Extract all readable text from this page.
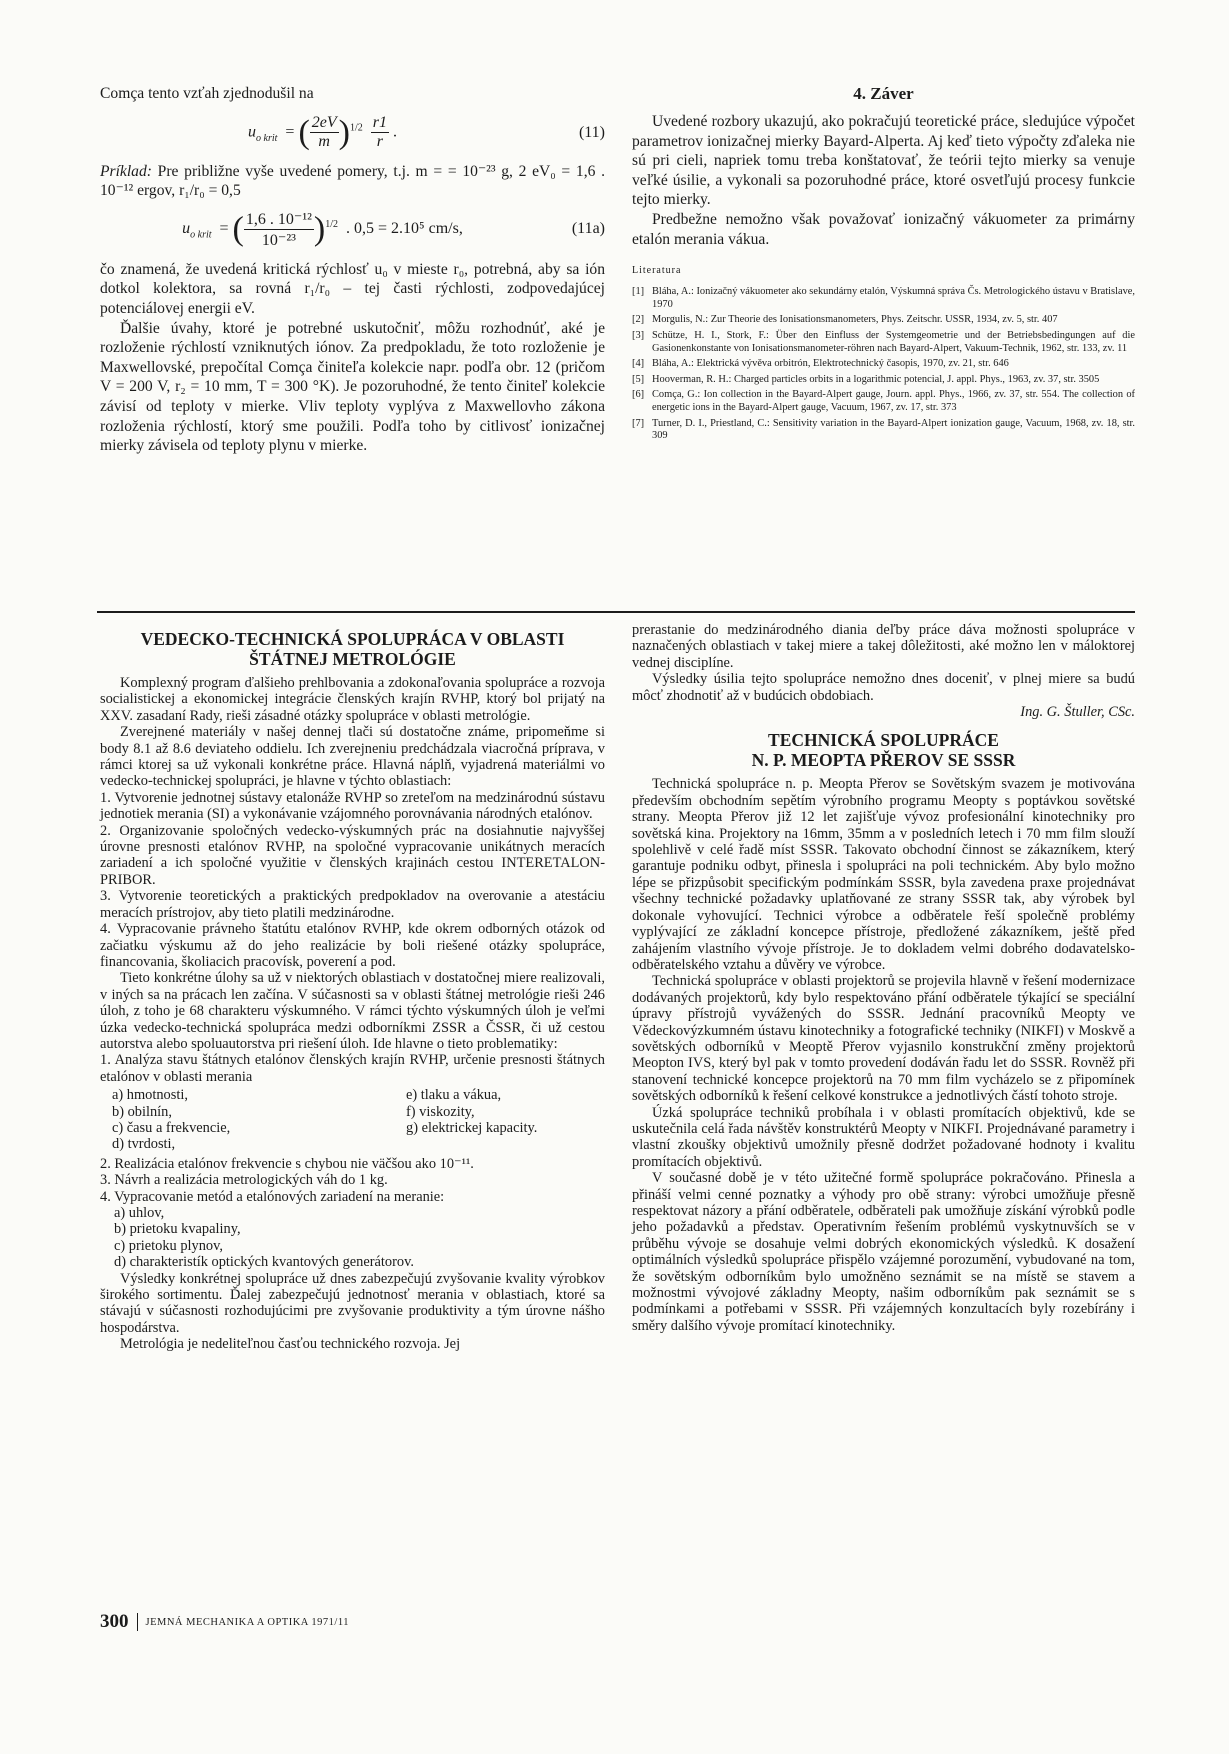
Comça tento vzťah zjednodušil na

$u_{o krit}$  = ( $\frac{2eV}{m} )^{1/2} \frac{r1}{r}$ .	(11)

Príklad: Pre približne vyše uvedené pomery, t.j. m = = 10⁻²³ g, 2 eV₀ = 1,6 . 10⁻¹² ergov, r₁/r₀ = 0,5

$u_{o krit}$  = ( $\frac{\text{1,6 . 10⁻¹²}}{\text{10⁻²³}} )^{1/2}$ . 0,5 = 2.10⁵ cm/s,	(11a)

čo znamená, že uvedená kritická rýchlosť u₀ v mieste r₀, potrebná, aby sa ión dotkol kolektora, sa rovná r₁/r₀ – tej časti rýchlosti, zodpovedajúcej potenciálovej energii eV.

Ďalšie úvahy, ktoré je potrebné uskutočniť, môžu rozhodnúť, aké je rozloženie rýchlostí vzniknutých iónov. Za predpokladu, že toto rozloženie je Maxwellovské, prepočítal Comça činiteľa kolekcie napr. podľa obr. 12 (pričom V = 200 V, r₂ = 10 mm, T = 300 °K). Je pozoruhodné, že tento činiteľ kolekcie závisí od teploty v mierke. Vliv teploty vyplýva z Maxwellovho zákona rozloženia rýchlostí, ktorý sme použili. Podľa toho by citlivosť ionizačnej mierky závisela od teploty plynu v mierke.

4. Záver

Uvedené rozbory ukazujú, ako pokračujú teoretické práce, sledujúce výpočet parametrov ionizačnej mierky Bayard-Alperta. Aj keď tieto výpočty zďaleka nie sú pri cieli, napriek tomu treba konštatovať, že teórii tejto mierky sa venuje veľké úsilie, a vykonali sa pozoruhodné práce, ktoré osvetľujú procesy funkcie tejto mierky.

Predbežne nemožno však považovať ionizačný vákuometer za primárny etalón merania vákua.

Literatura
[1] Bláha, A.: Ionizačný vákuometer ako sekundárny etalón, Výskumná správa Čs. Metrologického ústavu v Bratislave, 1970
[2] Morgulis, N.: Zur Theorie des Ionisationsmanometers, Phys. Zeitschr. USSR, 1934, zv. 5, str. 407
[3] Schütze, H. I., Stork, F.: Über den Einfluss der Systemgeometrie und der Betriebsbedingungen auf die Gasionenkonstante von Ionisationsmanometer-röhren nach Bayard-Alpert, Vakuum-Technik, 1962, str. 133, zv. 11
[4] Bláha, A.: Elektrická vývěva orbitrón, Elektrotechnický časopis, 1970, zv. 21, str. 646
[5] Hooverman, R. H.: Charged particles orbits in a logarithmic potencial, J. appl. Phys., 1963, zv. 37, str. 3505
[6] Comça, G.: Ion collection in the Bayard-Alpert gauge, Journ. appl. Phys., 1966, zv. 37, str. 554. The collection of energetic ions in the Bayard-Alpert gauge, Vacuum, 1967, zv. 17, str. 373
[7] Turner, D. I., Priestland, C.: Sensitivity variation in the Bayard-Alpert ionization gauge, Vacuum, 1968, zv. 18, str. 309
VEDECKO-TECHNICKÁ SPOLUPRÁCA V OBLASTI
ŠTÁTNEJ METROLÓGIE

Komplexný program ďalšieho prehlbovania a zdokonaľovania spolupráce a rozvoja socialistickej a ekonomickej integrácie členských krajín RVHP, ktorý bol prijatý na XXV. zasadaní Rady, rieši zásadné otázky spolupráce v oblasti metrológie.

Zverejnené materiály v našej dennej tlači sú dostatočne známe, pripomeňme si body 8.1 až 8.6 deviateho oddielu. Ich zverejneniu predchádzala viacročná príprava, v rámci ktorej sa už vykonali konkrétne práce. Hlavná náplň, vyjadrená materiálmi vo vedecko-technickej spolupráci, je hlavne v týchto oblastiach:

1. Vytvorenie jednotnej sústavy etalonáže RVHP so zreteľom na medzinárodnú sústavu jednotiek merania (SI) a vykonávanie vzájomného porovnávania národných etalónov.

2. Organizovanie spoločných vedecko-výskumných prác na dosiahnutie najvyššej úrovne presnosti etalónov RVHP, na spoločné vypracovanie unikátnych meracích zariadení a ich spoločné využitie v členských krajinách cestou INTERETALON-PRIBOR.

3. Vytvorenie teoretických a praktických predpokladov na overovanie a atestáciu meracích prístrojov, aby tieto platili medzinárodne.

4. Vypracovanie právneho štatútu etalónov RVHP, kde okrem odborných otázok od začiatku výskumu až do jeho realizácie by boli riešené otázky spolupráce, financovania, školiacich pracovísk, poverení a pod.

Tieto konkrétne úlohy sa už v niektorých oblastiach v dostatočnej miere realizovali, v iných sa na prácach len začína. V súčasnosti sa v oblasti štátnej metrológie rieši 246 úloh, z toho je 68 charakteru výskumného. V rámci týchto výskumných úloh je veľmi úzka vedecko-technická spolupráca medzi odborníkmi ZSSR a ČSSR, či už cestou autorstva alebo spoluautorstva pri riešení úloh. Ide hlavne o tieto problematiky:

1. Analýza stavu štátnych etalónov členských krajín RVHP, určenie presnosti štátnych etalónov v oblasti merania

a) hmotnosti,	e) tlaku a vákua,
b) obilnín,	f) viskozity,
c) času a frekvencie,	g) elektrickej kapacity.
d) tvrdosti,

2. Realizácia etalónov frekvencie s chybou nie väčšou ako 10⁻¹¹.

3. Návrh a realizácia metrologických váh do 1 kg.

4. Vypracovanie metód a etalónových zariadení na meranie:

a) uhlov,
b) prietoku kvapaliny,
c) prietoku plynov,
d) charakteristík optických kvantových generátorov.

Výsledky konkrétnej spolupráce už dnes zabezpečujú zvyšovanie kvality výrobkov širokého sortimentu. Ďalej zabezpečujú jednotnosť merania v oblastiach, ktoré sa stávajú v súčasnosti rozhodujúcimi pre zvyšovanie produktivity a tým úrovne nášho hospodárstva.

Metrológia je nedeliteľnou časťou technického rozvoja. Jej

prerastanie do medzinárodného diania deľby práce dáva možnosti spolupráce v naznačených oblastiach v takej miere a takej dôležitosti, aké možno len v máloktorej vednej disciplíne.

Výsledky úsilia tejto spolupráce nemožno dnes doceniť, v plnej miere sa budú môcť zhodnotiť až v budúcich obdobiach.

Ing. G. Štuller, CSc.

TECHNICKÁ SPOLUPRÁCE
N. P. MEOPTA PŘEROV SE SSSR

Technická spolupráce n. p. Meopta Přerov se Sovětským svazem je motivována především obchodním sepětím výrobního programu Meopty s poptávkou sovětské strany. Meopta Přerov již 12 let zajišťuje vývoz profesionální kinotechniky pro sovětská kina. Projektory na 16mm, 35mm a v posledních letech i 70 mm film slouží spolehlivě v celé řadě míst SSSR. Takovato obchodní činnost se zákazníkem, který garantuje podniku odbyt, přinesla i spolupráci na poli technickém. Aby bylo možno lépe se přizpůsobit specifickým podmínkám SSSR, byla zavedena praxe projednávat všechny technické požadavky uplatňované ze strany SSSR tak, aby výrobek byl dokonale vyhovující. Technici výrobce a odběratele řeší společně problémy vyplývající ze základní koncepce přístroje, předložené zákazníkem, ještě před zahájením vlastního vývoje přístroje. Je to dokladem velmi dobrého dodavatelsko-odběratelského vztahu a důvěry ve výrobce.

Technická spolupráce v oblasti projektorů se projevila hlavně v řešení modernizace dodávaných projektorů, kdy bylo respektováno přání odběratele týkající se speciální úpravy přístrojů vyvážených do SSSR. Jednání pracovníků Meopty ve Vědeckovýzkumném ústavu kinotechniky a fotografické techniky (NIKFI) v Moskvě a sovětských odborníků v Meoptě Přerov vyjasnilo konstrukční změny projektorů Meopton IVS, který byl pak v tomto provedení dodáván řadu let do SSSR. Rovněž při stanovení technické koncepce projektorů na 70 mm film vycházelo se z připomínek sovětských odborníků k řešení celkové konstrukce a jednotlivých částí tohoto stroje.

Úzká spolupráce techniků probíhala i v oblasti promítacích objektivů, kde se uskutečnila celá řada návštěv konstruktérů Meopty v NIKFI. Projednávané parametry i vlastní zkoušky objektivů umožnily přesně dodržet požadované hodnoty i kvalitu promítacích objektivů.

V současné době je v této užitečné formě spolupráce pokračováno. Přinesla a přináší velmi cenné poznatky a výhody pro obě strany: výrobci umožňuje přesně respektovat názory a přání odběratele, odběrateli pak umožňuje získání výrobků podle jeho požadavků a představ. Operativním řešením problémů vyskytnuvších se v průběhu vývoje se dosahuje velmi dobrých ekonomických výsledků. K dosažení optimálních výsledků spolupráce přispělo vzájemné porozumění, vybudované na tom, že sovětským odborníkům bylo umožněno seznámit se na místě se stavem a možnostmi vývojové základny Meopty, našim odborníkům pak seznámit se s podmínkami a potřebami v SSSR. Při vzájemných konzultacích byly rozebírány i směry dalšího vývoje promítací kinotechniky.

300 JEMNÁ MECHANIKA A OPTIKA 1971/11
